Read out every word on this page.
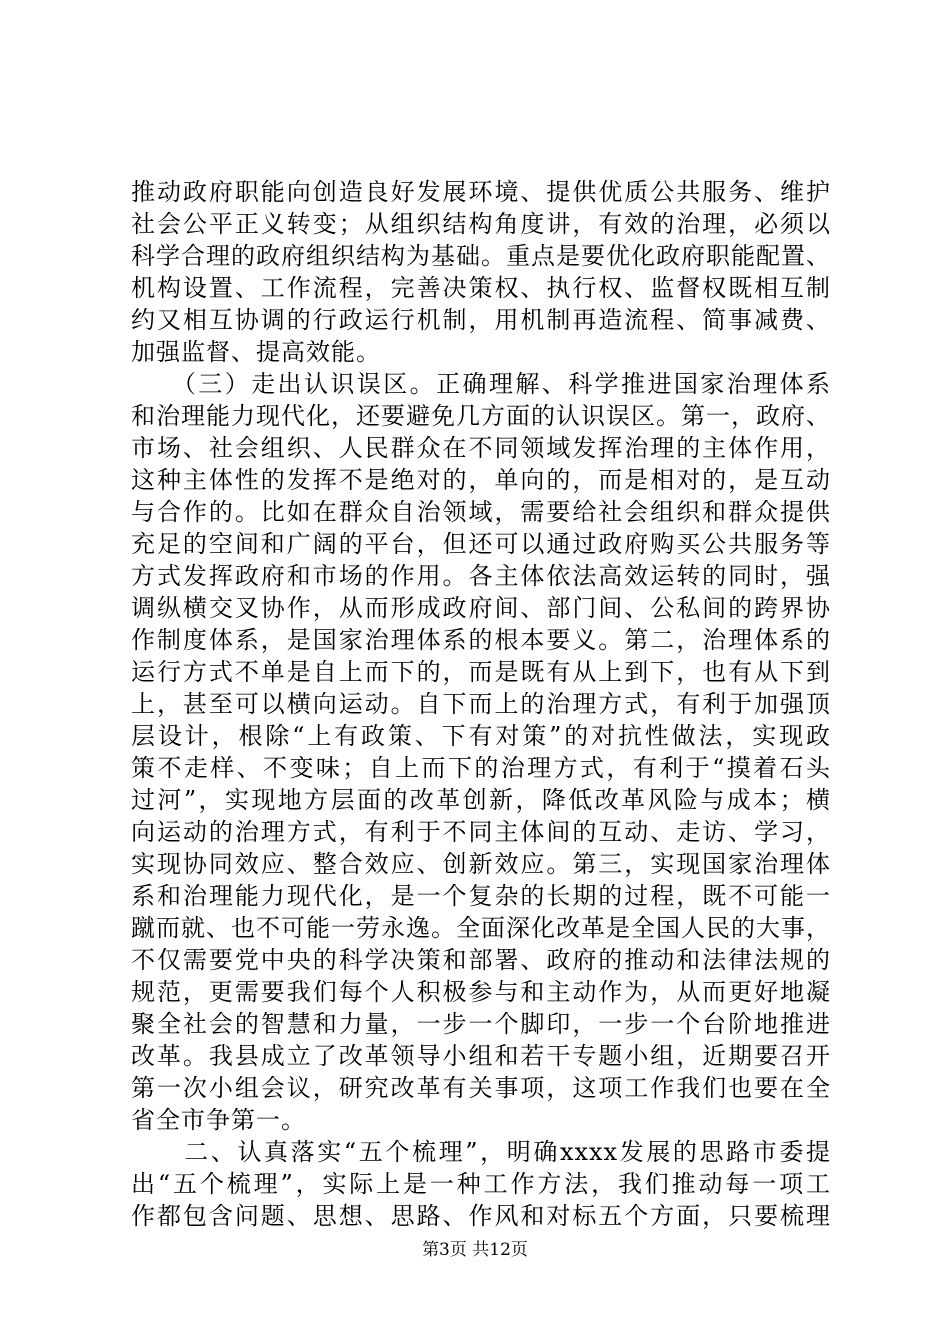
推动政府职能向创造良好发展环境、提供优质公共服务、维护
社会公平正义转变；从组织结构角度讲，有效的治理，必须以
科学合理的政府组织结构为基础。重点是要优化政府职能配置、
机构设置、工作流程，完善决策权、执行权、监督权既相互制
约又相互协调的行政运行机制，用机制再造流程、简事减费、
加强监督、提高效能。
　　（三）走出认识误区。正确理解、科学推进国家治理体系
和治理能力现代化，还要避免几方面的认识误区。第一，政府、
市场、社会组织、人民群众在不同领域发挥治理的主体作用，
这种主体性的发挥不是绝对的，单向的，而是相对的，是互动
与合作的。比如在群众自治领域，需要给社会组织和群众提供
充足的空间和广阔的平台，但还可以通过政府购买公共服务等
方式发挥政府和市场的作用。各主体依法高效运转的同时，强
调纵横交叉协作，从而形成政府间、部门间、公私间的跨界协
作制度体系，是国家治理体系的根本要义。第二，治理体系的
运行方式不单是自上而下的，而是既有从上到下，也有从下到
上，甚至可以横向运动。自下而上的治理方式，有利于加强顶
层设计，根除“上有政策、下有对策”的对抗性做法，实现政
策不走样、不变味；自上而下的治理方式，有利于“摸着石头
过河”，实现地方层面的改革创新，降低改革风险与成本；横
向运动的治理方式，有利于不同主体间的互动、走访、学习，
实现协同效应、整合效应、创新效应。第三，实现国家治理体
系和治理能力现代化，是一个复杂的长期的过程，既不可能一
蹴而就、也不可能一劳永逸。全面深化改革是全国人民的大事，
不仅需要党中央的科学决策和部署、政府的推动和法律法规的
规范，更需要我们每个人积极参与和主动作为，从而更好地凝
聚全社会的智慧和力量，一步一个脚印，一步一个台阶地推进
改革。我县成立了改革领导小组和若干专题小组，近期要召开
第一次小组会议，研究改革有关事项，这项工作我们也要在全
省全市争第一。
　　二、认真落实“五个梳理”，明确xxxx发展的思路市委提
出“五个梳理”，实际上是一种工作方法，我们推动每一项工
作都包含问题、思想、思路、作风和对标五个方面，只要梳理
第3页 共12页
